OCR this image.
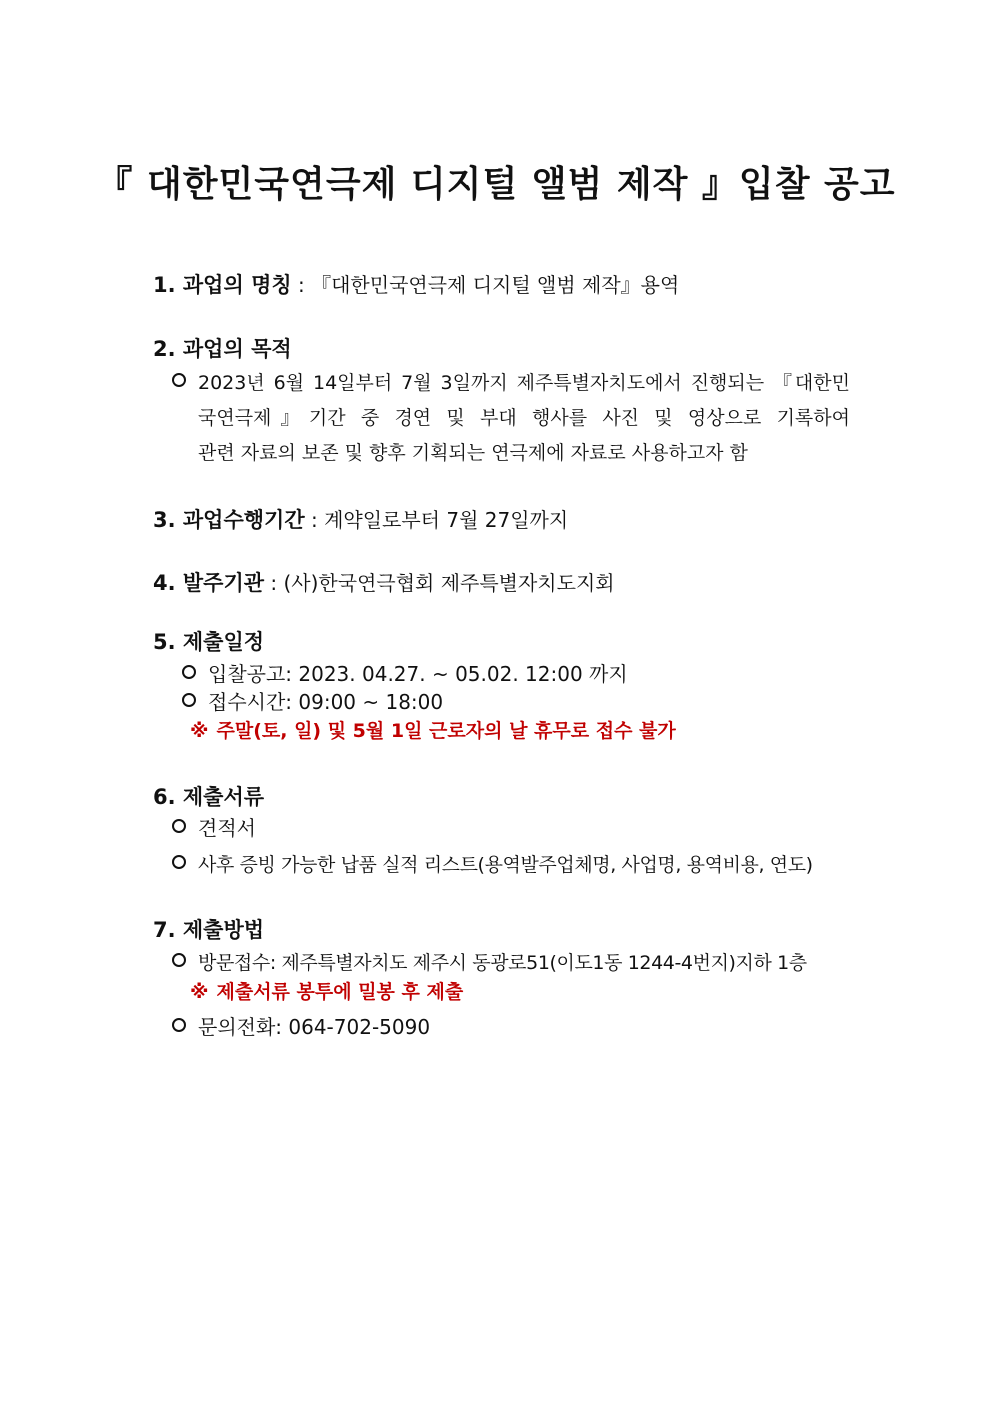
『 대한민국연극제 디지털 앨범 제작 』입찰 공고
1. 과업의 명칭 : 『대한민국연극제 디지털 앨범 제작』용역
2. 과업의 목적
2023년 6월 14일부터 7월 3일까지 제주특별자치도에서 진행되는 『대한민
국연극제』기간 중 경연 및 부대 행사를 사진 및 영상으로 기록하여
관련 자료의 보존 및 향후 기획되는 연극제에 자료로 사용하고자 함
3. 과업수행기간 : 계약일로부터 7월 27일까지
4. 발주기관 : (사)한국연극협회 제주특별자치도지회
5. 제출일정
입찰공고: 2023. 04.27. ~ 05.02. 12:00 까지
접수시간: 09:00 ~ 18:00
※ 주말(토, 일) 및 5월 1일 근로자의 날 휴무로 접수 불가
6. 제출서류
견적서
사후 증빙 가능한 납품 실적 리스트(용역발주업체명, 사업명, 용역비용, 연도)
7. 제출방법
방문접수: 제주특별자치도 제주시 동광로51(이도1동 1244-4번지)지하 1층
※ 제출서류 봉투에 밀봉 후 제출
문의전화: 064-702-5090
